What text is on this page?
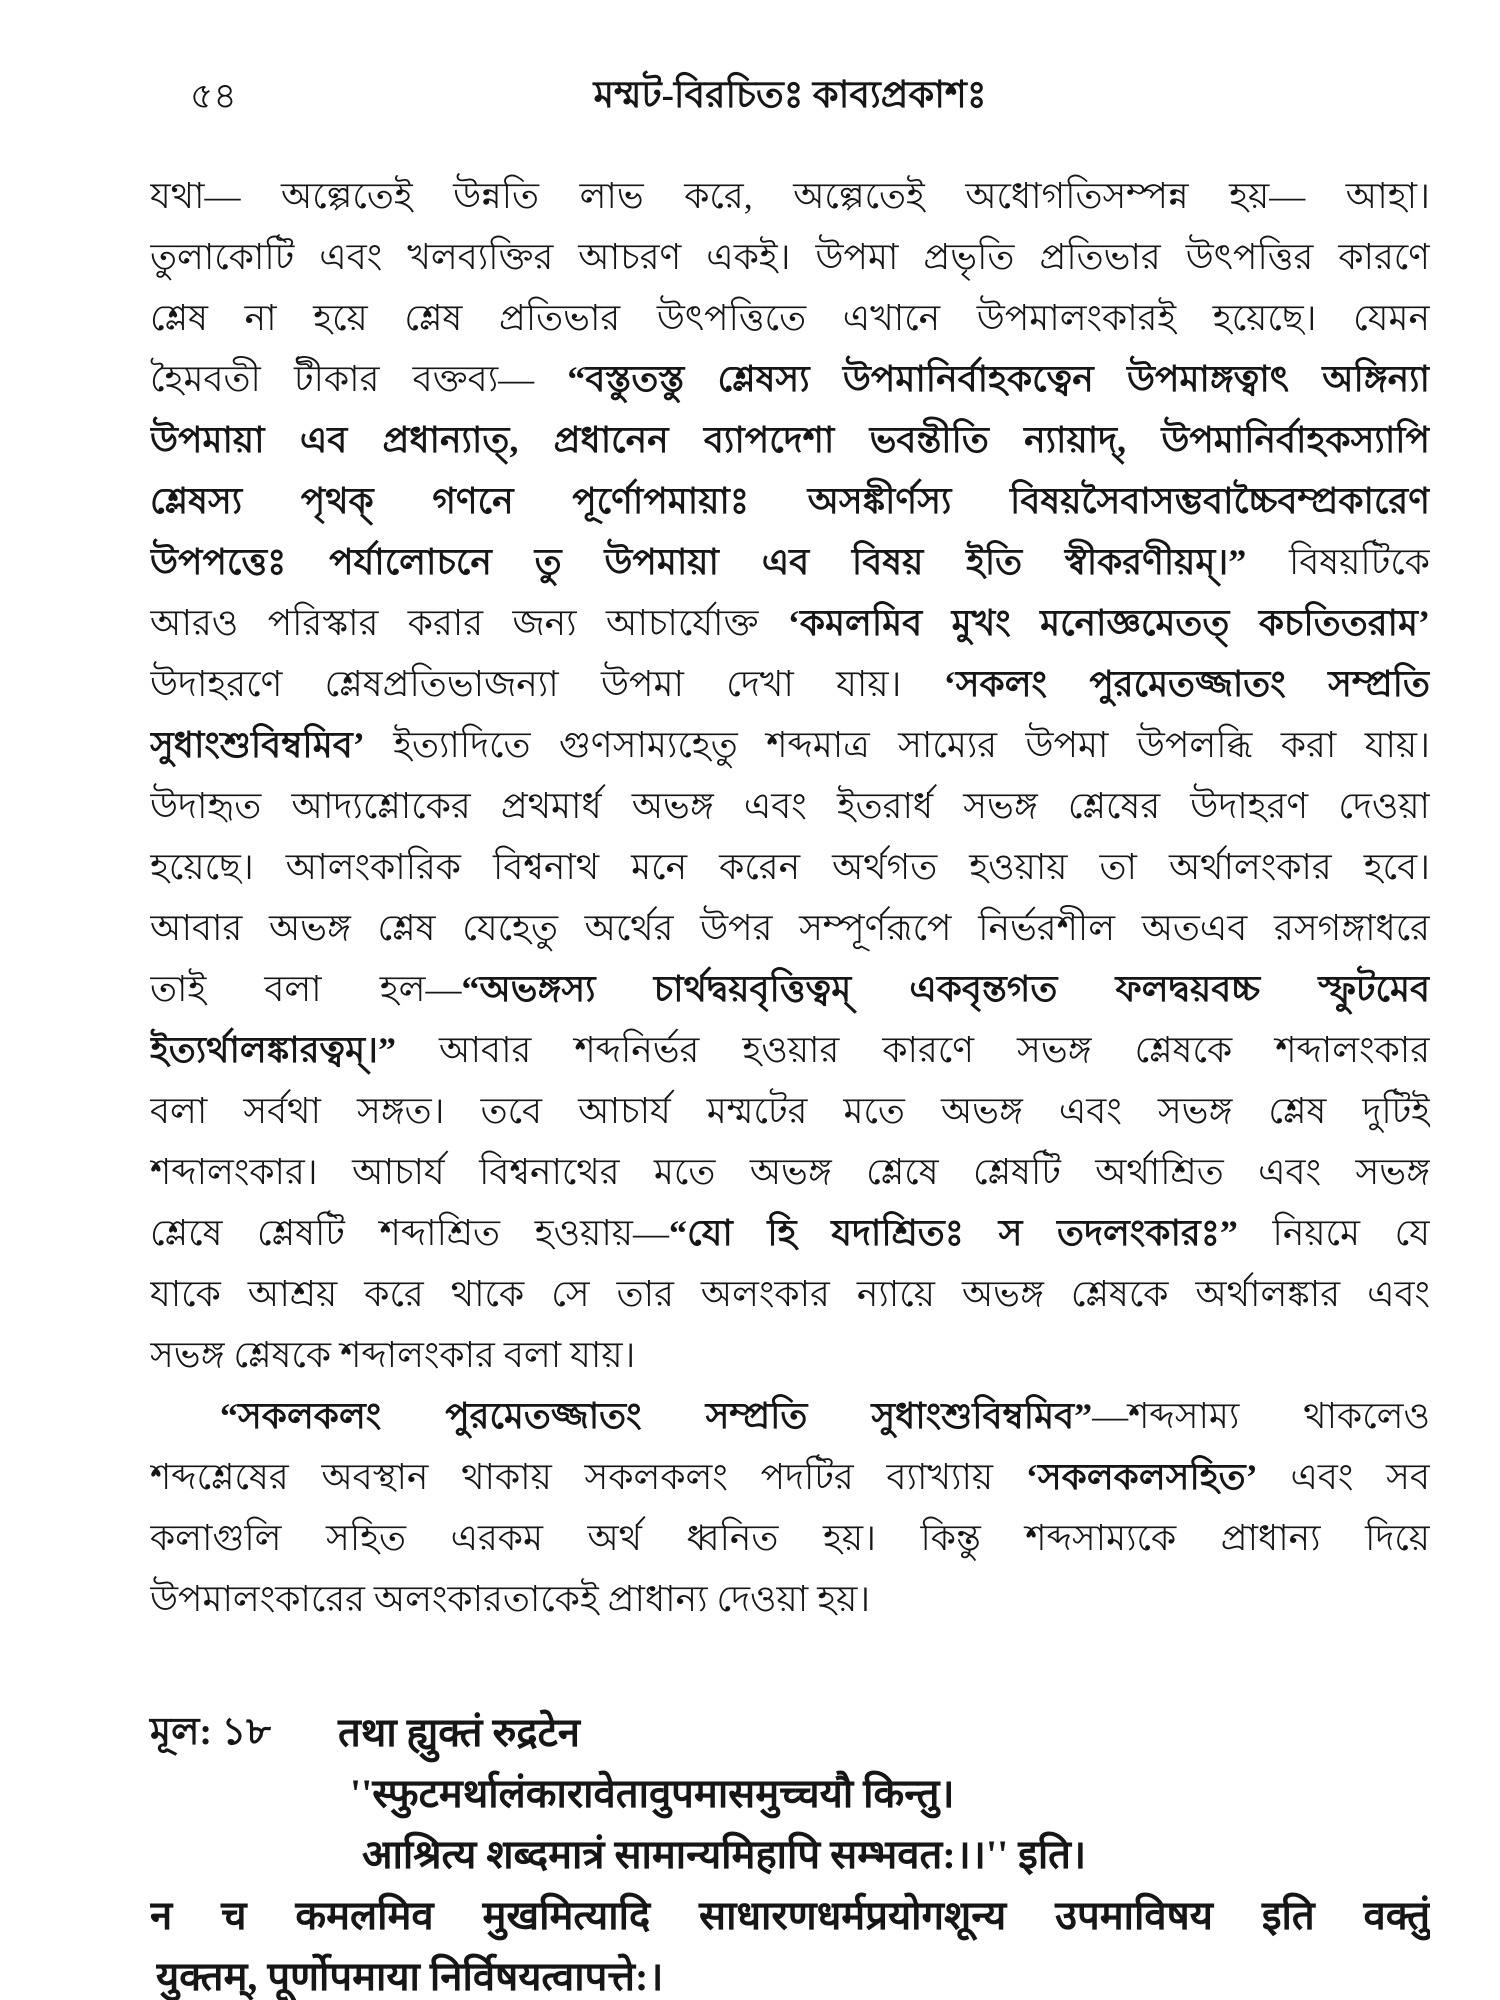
৫৪	মম্মট-বিরচিতঃ কাব্যপ্রকাশঃ
যথা— অল্পেতেই উন্নতি লাভ করে, অল্পেতেই অধোগতিসম্পন্ন হয়— আহা।
তুলাকোটি এবং খলব্যক্তির আচরণ একই। উপমা প্রভৃতি প্রতিভার উৎপত্তির কারণে
শ্লেষ না হয়ে শ্লেষ প্রতিভার উৎপত্তিতে এখানে উপমালংকারই হয়েছে। যেমন
হৈমবতী টীকার বক্তব্য— “বস্তুতস্তু শ্লেষস্য উপমানির্বাহকত্বেন উপমাঙ্গত্বাৎ অঙ্গিন্যা
উপমায়া এব প্রধান্যাত্, প্রধানেন ব্যাপদেশা ভবন্তীতি ন্যায়াদ্, উপমানির্বাহকস্যাপি
শ্লেষস্য পৃথক্ গণনে পূর্ণোপমায়াঃ অসঙ্কীর্ণস্য বিষয়সৈবাসম্ভবাচ্চৈবম্প্রকারেণ
উপপত্তেঃ পর্যালোচনে তু উপমায়া এব বিষয় ইতি স্বীকরণীয়ম্।” বিষয়টিকে
আরও পরিস্কার করার জন্য আচার্যোক্ত ‘কমলমিব মুখং মনোজ্ঞমেতত্ কচতিতরাম’
উদাহরণে শ্লেষপ্রতিভাজন্যা উপমা দেখা যায়। ‘সকলং পুরমেতজ্জাতং সম্প্রতি
সুধাংশুবিম্বমিব’ ইত্যাদিতে গুণসাম্যহেতু শব্দমাত্র সাম্যের উপমা উপলব্ধি করা যায়।
উদাহৃত আদ্যশ্লোকের প্রথমার্ধ অভঙ্গ এবং ইতরার্ধ সভঙ্গ শ্লেষের উদাহরণ দেওয়া
হয়েছে। আলংকারিক বিশ্বনাথ মনে করেন অর্থগত হওয়ায় তা অর্থালংকার হবে।
আবার অভঙ্গ শ্লেষ যেহেতু অর্থের উপর সম্পূর্ণরূপে নির্ভরশীল অতএব রসগঙ্গাধরে
তাই বলা হল—“অভঙ্গস্য চার্থদ্বয়বৃত্তিত্বম্ একবৃন্তগত ফলদ্বয়বচ্চ স্ফুটমেব
ইত্যর্থালঙ্কারত্বম্।” আবার শব্দনির্ভর হওয়ার কারণে সভঙ্গ শ্লেষকে শব্দালংকার
বলা সর্বথা সঙ্গত। তবে আচার্য মম্মটের মতে অভঙ্গ এবং সভঙ্গ শ্লেষ দুটিই
শব্দালংকার। আচার্য বিশ্বনাথের মতে অভঙ্গ শ্লেষে শ্লেষটি অর্থাশ্রিত এবং সভঙ্গ
শ্লেষে শ্লেষটি শব্দাশ্রিত হওয়ায়—“যো হি যদাশ্রিতঃ স তদলংকারঃ” নিয়মে যে
যাকে আশ্রয় করে থাকে সে তার অলংকার ন্যায়ে অভঙ্গ শ্লেষকে অর্থালঙ্কার এবং
সভঙ্গ শ্লেষকে শব্দালংকার বলা যায়।
“সকলকলং পুরমেতজ্জাতং সম্প্রতি সুধাংশুবিম্বমিব”—শব্দসাম্য থাকলেও
শব্দশ্লেষের অবস্থান থাকায় সকলকলং পদটির ব্যাখ্যায় ‘সকলকলসহিত’ এবং সব
কলাগুলি সহিত এরকম অর্থ ধ্বনিত হয়। কিন্তু শব্দসাম্যকে প্রাধান্য দিয়ে
উপমালংকারের অলংকারতাকেই প্রাধান্য দেওয়া হয়।
মূল: ১৮	तथा ह्युक्तं रुद्रटेन
''स्फुटमर्थालंकारावेतावुपमासमुच्चयौ किन्तु।
आश्रित्य शब्दमात्रं सामान्यमिहापि सम्भवत:।।'' इति।
न च कमलमिव मुखमित्यादि साधारणधर्मप्रयोगशून्य उपमाविषय इति वक्तुं
युक्तम्, पूर्णोपमाया निर्विषयत्वापत्ते:।
